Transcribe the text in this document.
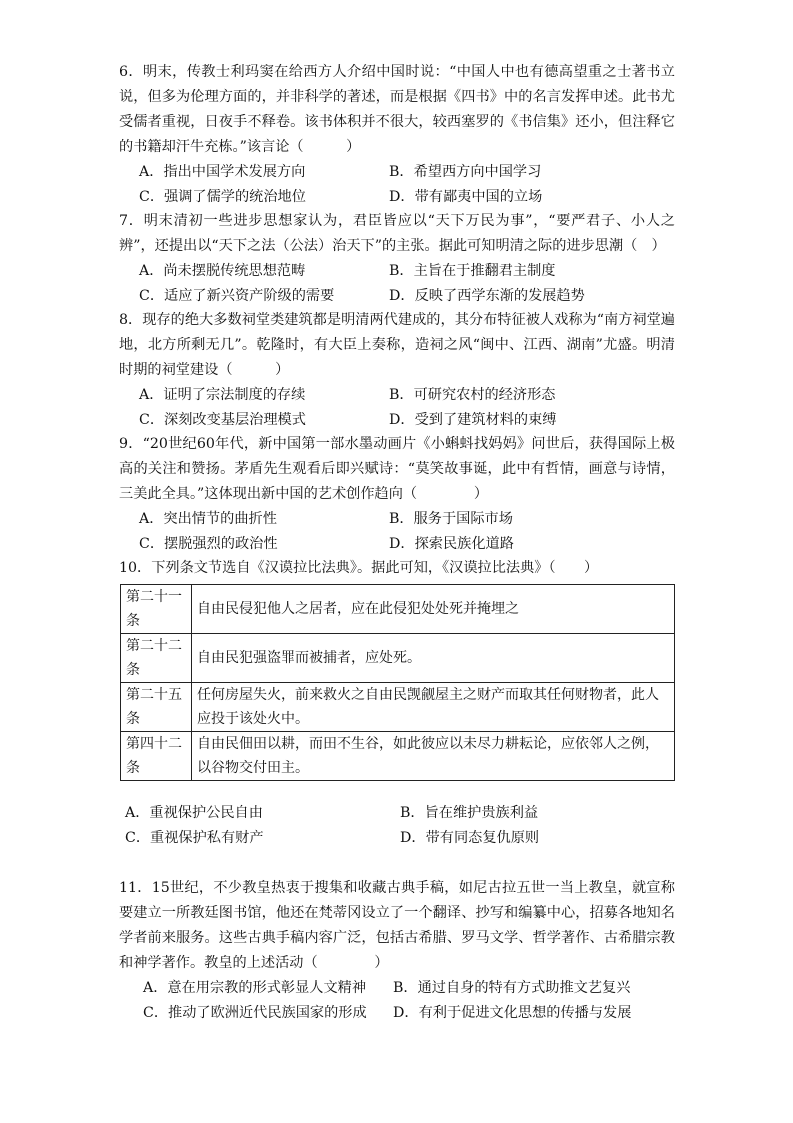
6．明末，传教士利玛窦在给西方人介绍中国时说：“中国人中也有德高望重之士著书立说，但多为伦理方面的，并非科学的著述，而是根据《四书》中的名言发挥申述。此书尤受儒者重视，日夜手不释卷。该书体积并不很大，较西塞罗的《书信集》还小，但注释它的书籍却汗牛充栋。”该言论（　　　）

A．指出中国学术发展方向	B．希望西方向中国学习
C．强调了儒学的统治地位	D．带有鄙夷中国的立场

7．明末清初一些进步思想家认为，君臣皆应以“天下万民为事”，“要严君子、小人之辨”，还提出以“天下之法（公法）治天下”的主张。据此可知明清之际的进步思潮（　）

A．尚未摆脱传统思想范畴	B．主旨在于推翻君主制度
C．适应了新兴资产阶级的需要	D．反映了西学东渐的发展趋势

8．现存的绝大多数祠堂类建筑都是明清两代建成的，其分布特征被人戏称为“南方祠堂遍地，北方所剩无几”。乾隆时，有大臣上奏称，造祠之风“闽中、江西、湖南”尤盛。明清时期的祠堂建设（　　　）

A．证明了宗法制度的存续	B．可研究农村的经济形态
C．深刻改变基层治理模式	D．受到了建筑材料的束缚

9．“20世纪60年代，新中国第一部水墨动画片《小蝌蚪找妈妈》问世后，获得国际上极高的关注和赞扬。茅盾先生观看后即兴赋诗：“莫笑故事诞，此中有哲情，画意与诗情，三美此全具。”这体现出新中国的艺术创作趋向（　　　　）

A．突出情节的曲折性	B．服务于国际市场
C．摆脱强烈的政治性	D．探索民族化道路

10．下列条文节选自《汉谟拉比法典》。据此可知，《汉谟拉比法典》（　　）

第二十一条	自由民侵犯他人之居者，应在此侵犯处处死并掩埋之
第二十二条	自由民犯强盗罪而被捕者，应处死。
第二十五条	任何房屋失火，前来救火之自由民觊觎屋主之财产而取其任何财物者，此人应投于该处火中。
第四十二条	自由民佃田以耕，而田不生谷，如此彼应以未尽力耕耘论，应依邻人之例，以谷物交付田主。
A．重视保护公民自由	B．旨在维护贵族利益
C．重视保护私有财产	D．带有同态复仇原则

11．15世纪，不少教皇热衷于搜集和收藏古典手稿，如尼古拉五世一当上教皇，就宣称要建立一所教廷图书馆，他还在梵蒂冈设立了一个翻译、抄写和编纂中心，招募各地知名学者前来服务。这些古典手稿内容广泛，包括古希腊、罗马文学、哲学著作、古希腊宗教和神学著作。教皇的上述活动（　　　　）

A．意在用宗教的形式彰显人文精神	B．通过自身的特有方式助推文艺复兴
C．推动了欧洲近代民族国家的形成	D．有利于促进文化思想的传播与发展
